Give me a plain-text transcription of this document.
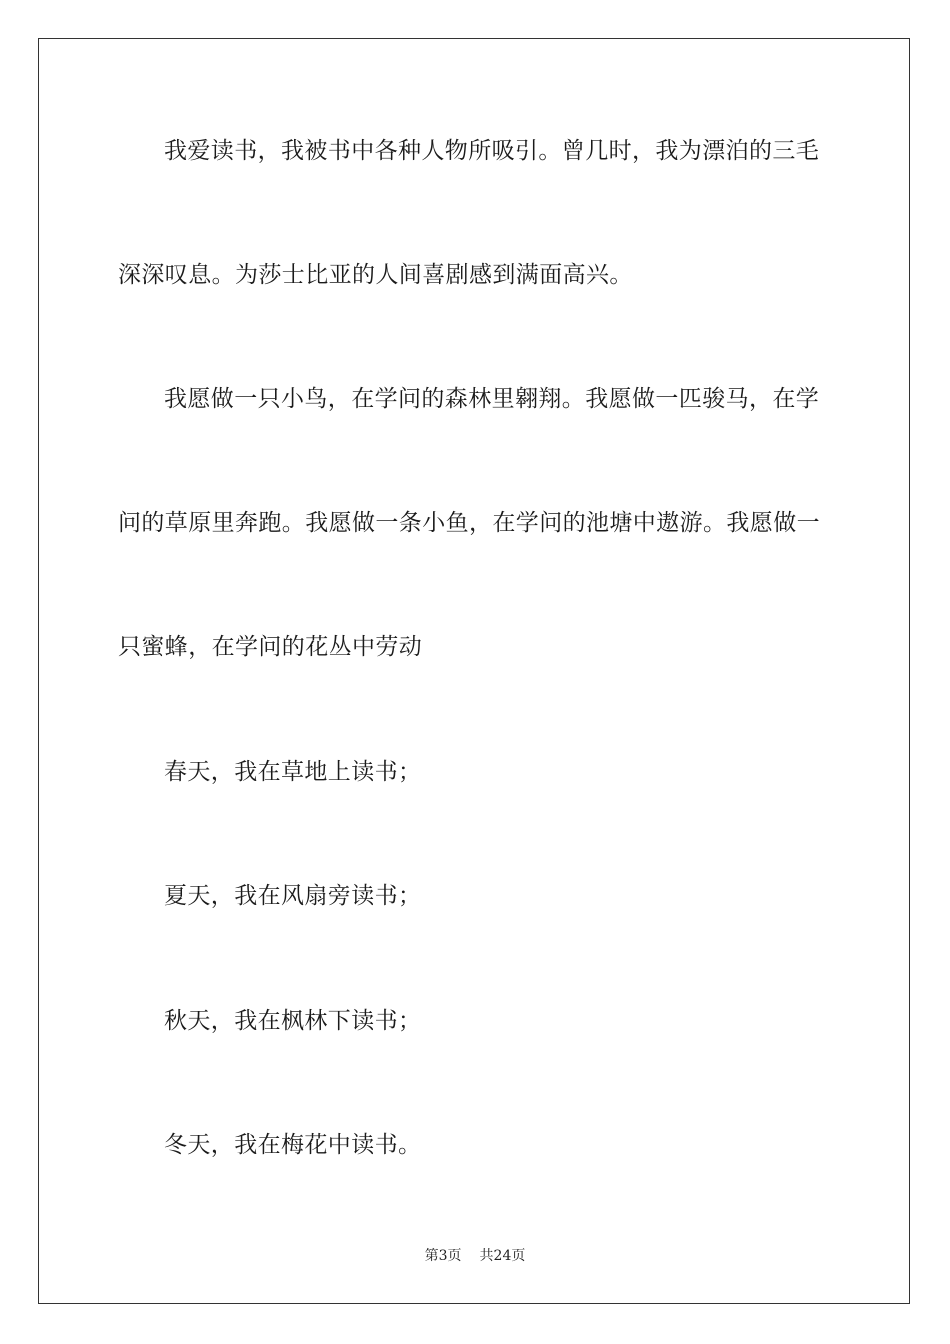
我爱读书，我被书中各种人物所吸引。曾几时，我为漂泊的三毛
深深叹息。为莎士比亚的人间喜剧感到满面高兴。
我愿做一只小鸟，在学问的森林里翱翔。我愿做一匹骏马，在学
问的草原里奔跑。我愿做一条小鱼，在学问的池塘中遨游。我愿做一
只蜜蜂，在学问的花丛中劳动
春天，我在草地上读书；
夏天，我在风扇旁读书；
秋天，我在枫林下读书；
冬天，我在梅花中读书。
第3页 共24页
